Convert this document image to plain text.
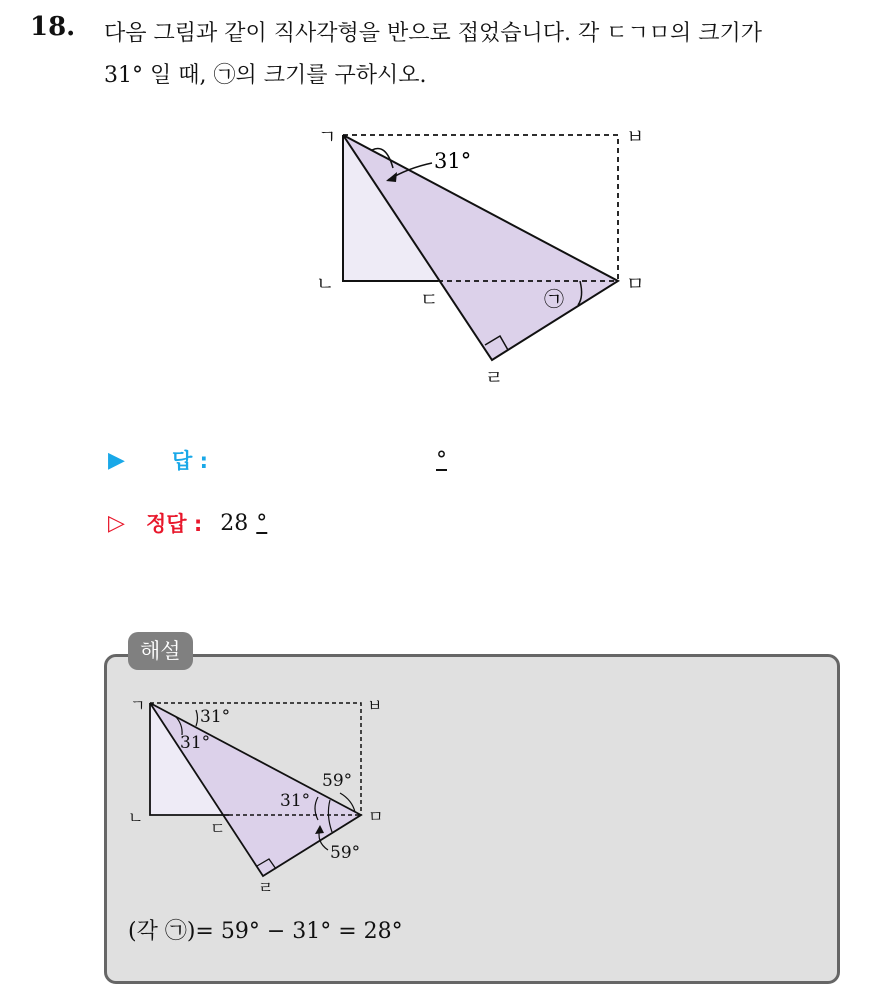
18. 다음 그림과 같이 직사각형을 반으로 접었습니다. 각 ㄷㄱㅁ의 크기가
31° 일 때, ㉠의 크기를 구하시오.
ㄱ	ㅂ
ㄴ
ㄷ
ㅁ
ㄹ
31°
㉠
▶	답 :	°
▷	정답 : 28 °
해설
ㄱ	ㅂ
ㄴ
ㄷ
ㅁ
ㄹ
31°
31°
59°
31°
59°
(각 ㉠)= 59° − 31° = 28°
